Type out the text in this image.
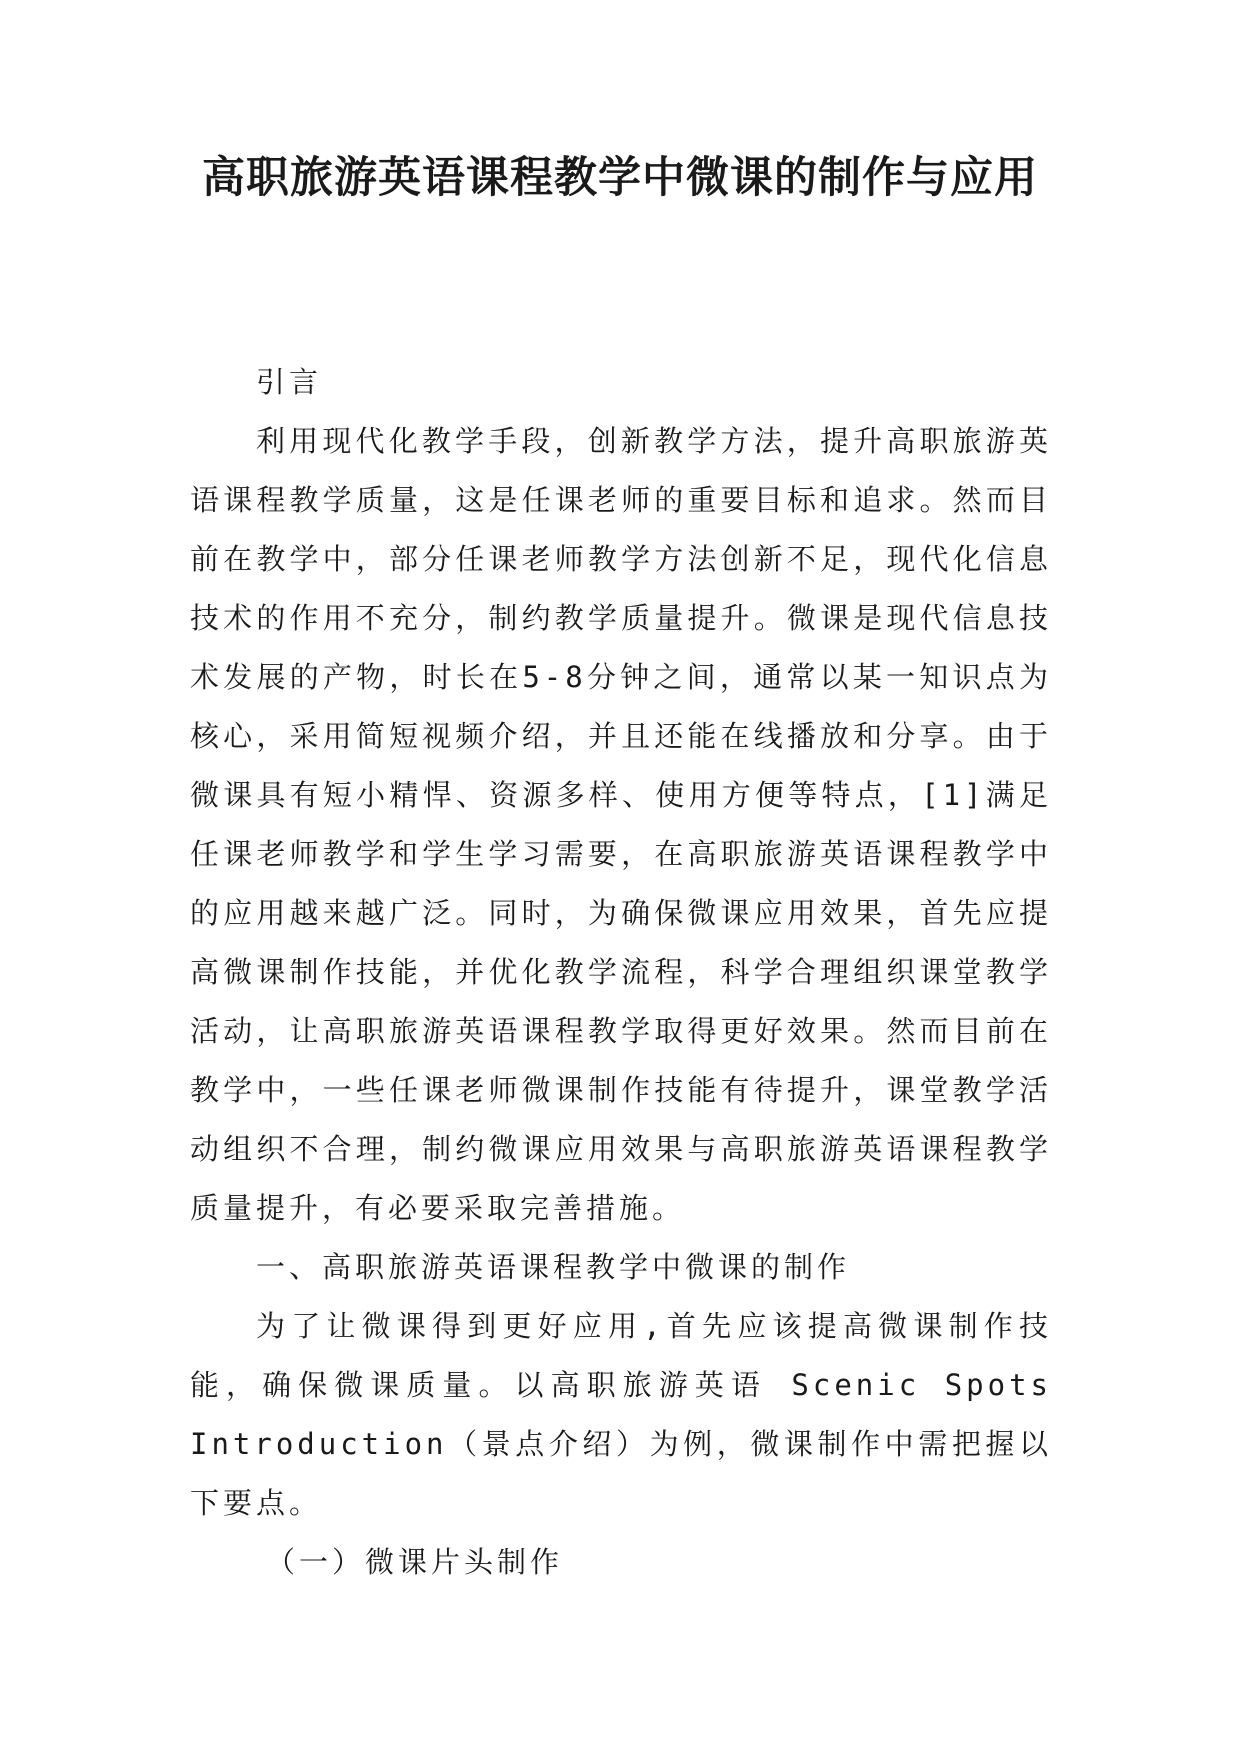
高职旅游英语课程教学中微课的制作与应用

引言

利用现代化教学手段，创新教学方法，提升高职旅游英语课程教学质量，这是任课老师的重要目标和追求。然而目前在教学中，部分任课老师教学方法创新不足，现代化信息技术的作用不充分，制约教学质量提升。微课是现代信息技术发展的产物，时长在5-8分钟之间，通常以某一知识点为核心，采用简短视频介绍，并且还能在线播放和分享。由于微课具有短小精悍、资源多样、使用方便等特点，[1]满足任课老师教学和学生学习需要，在高职旅游英语课程教学中的应用越来越广泛。同时，为确保微课应用效果，首先应提高微课制作技能，并优化教学流程，科学合理组织课堂教学活动，让高职旅游英语课程教学取得更好效果。然而目前在教学中，一些任课老师微课制作技能有待提升，课堂教学活动组织不合理，制约微课应用效果与高职旅游英语课程教学质量提升，有必要采取完善措施。

一、高职旅游英语课程教学中微课的制作

为了让微课得到更好应用,首先应该提高微课制作技能，确保微课质量。以高职旅游英语 Scenic Spots Introduction（景点介绍）为例，微课制作中需把握以下要点。

（一）微课片头制作
